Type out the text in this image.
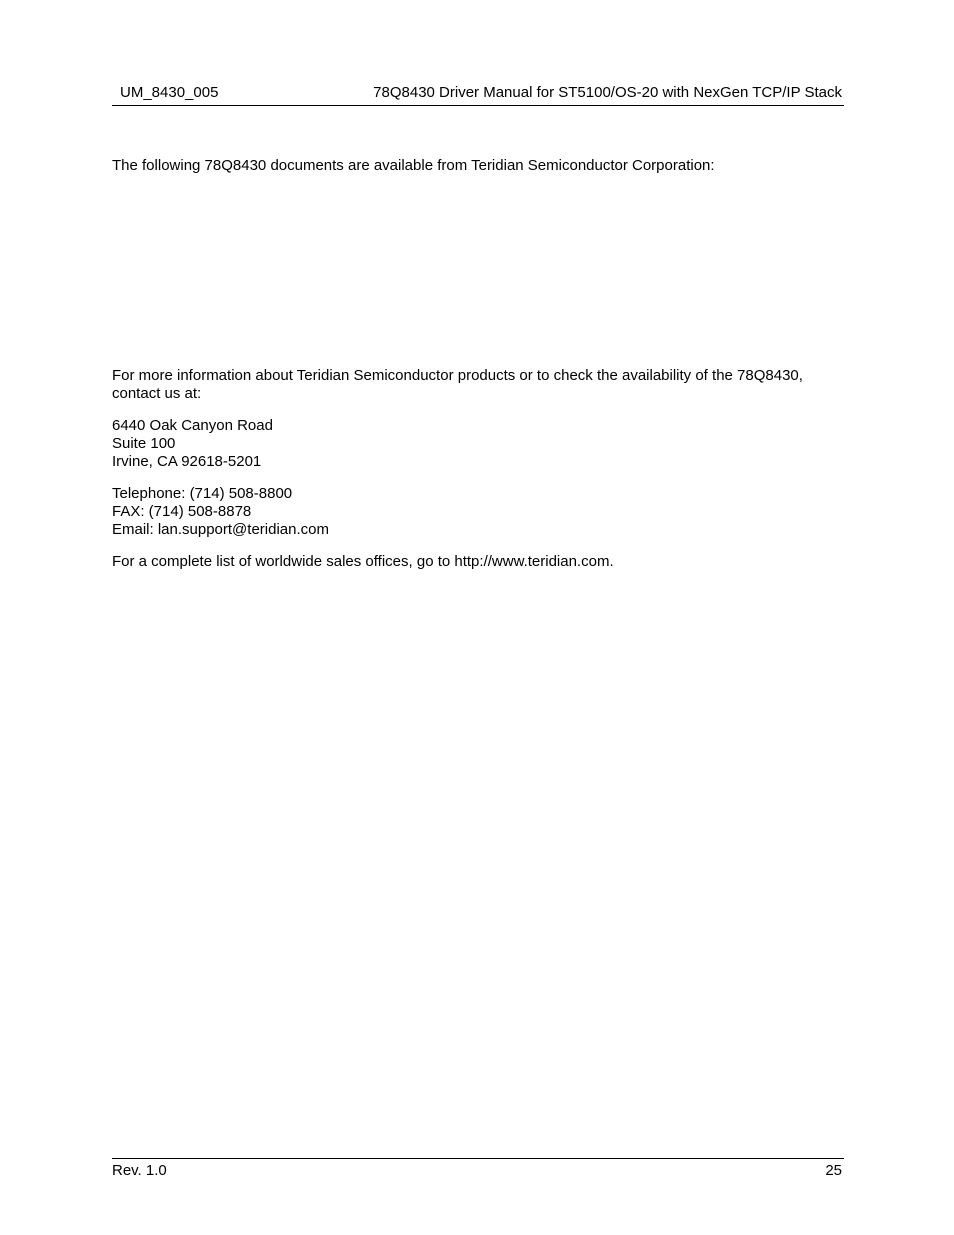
UM_8430_005	78Q8430 Driver Manual for ST5100/OS-20 with NexGen TCP/IP Stack
The following 78Q8430 documents are available from Teridian Semiconductor Corporation:
For more information about Teridian Semiconductor products or to check the availability of the 78Q8430,
contact us at:
6440 Oak Canyon Road
Suite 100
Irvine, CA 92618-5201
Telephone: (714) 508-8800
FAX: (714) 508-8878
Email: lan.support@teridian.com
For a complete list of worldwide sales offices, go to http://www.teridian.com.
Rev. 1.0	25
